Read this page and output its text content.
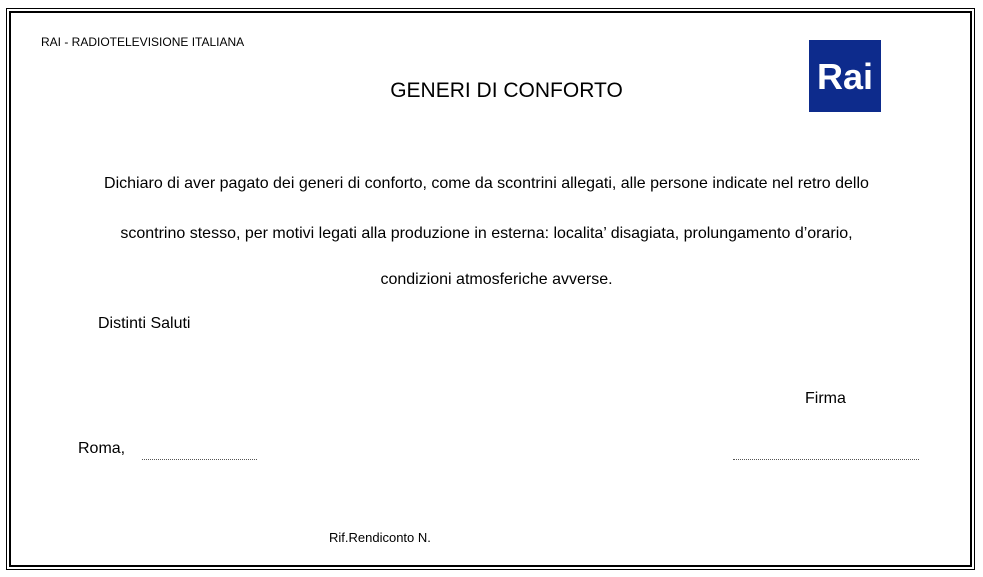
RAI - RADIOTELEVISIONE ITALIANA
GENERI DI CONFORTO	Rai
Dichiaro di aver pagato dei generi di conforto, come da scontrini allegati, alle persone indicate nel retro dello
scontrino stesso, per motivi legati alla produzione in esterna: localita’ disagiata, prolungamento d’orario,
condizioni atmosferiche avverse.
Distinti Saluti
Firma
Roma,
Rif.Rendiconto N.
